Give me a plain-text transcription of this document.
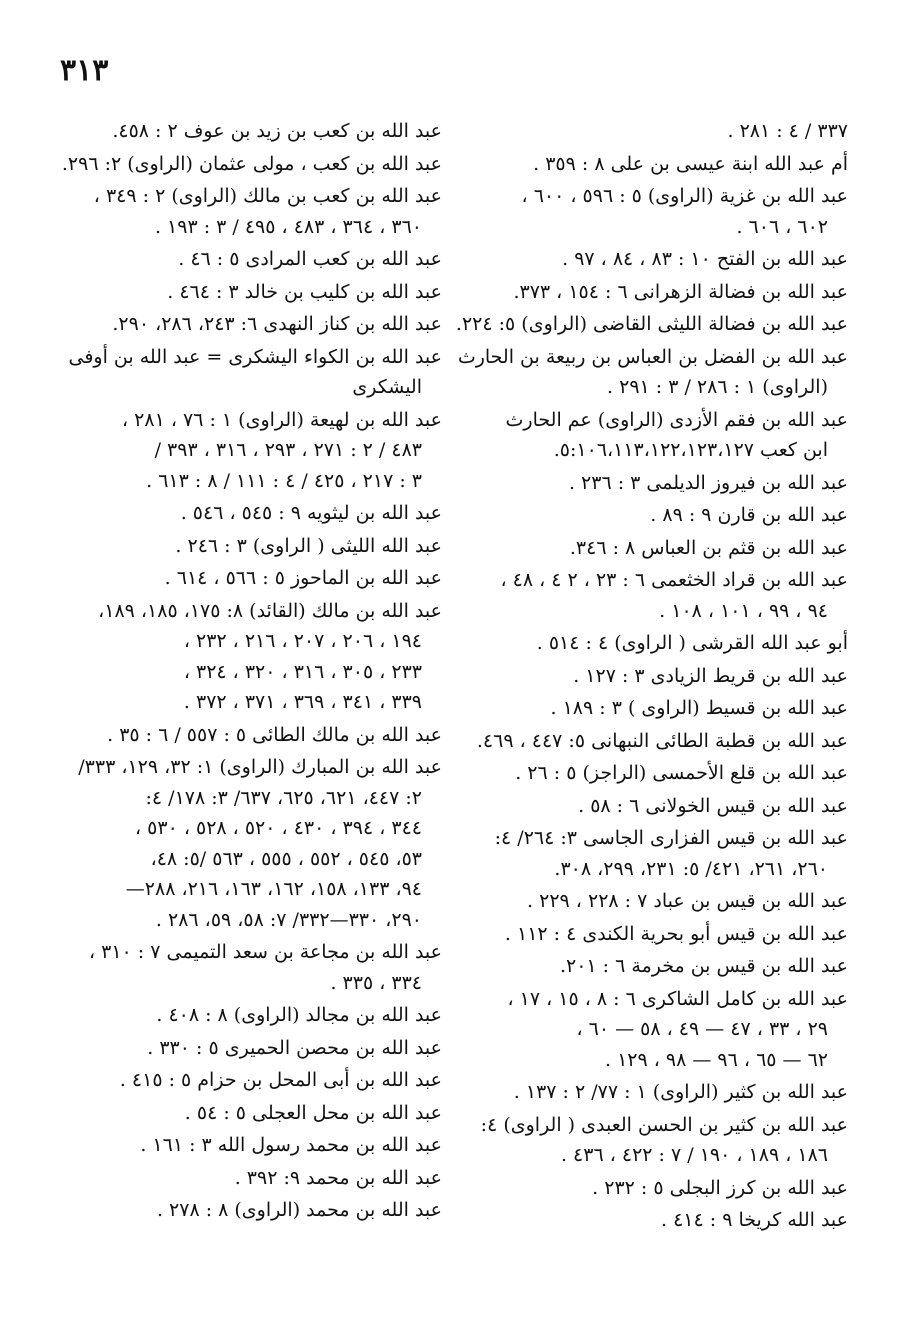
٣١٣
٣٣٧ / ٤ : ٢٨١ .
أم عبد الله ابنة عيسى بن على ٨ : ٣٥٩ .
عبد الله بن غزية (الراوى) ٥ : ٥٩٦ ، ٦٠٠ ،
٦٠٢ ، ٦٠٦ .
عبد الله بن الفتح ١٠ : ٨٣ ، ٨٤ ، ٩٧ .
عبد الله بن فضالة الزهرانى ٦ : ١٥٤ ، ٣٧٣.
عبد الله بن فضالة الليثى القاضى (الراوى) ٥: ٢٢٤.
عبد الله بن الفضل بن العباس بن ربيعة بن الحارث
(الراوى) ١ : ٢٨٦ / ٣ : ٢٩١ .
عبد الله بن فقم الأزدى (الراوى) عم الحارث
ابن كعب ٥:١٠٦،١١٣،١٢٢،١٢٣،١٢٧.
عبد الله بن فيروز الديلمى ٣ : ٢٣٦ .
عبد الله بن قارن ٩ : ٨٩ .
عبد الله بن قثم بن العباس ٨ : ٣٤٦.
عبد الله بن قراد الخثعمى ٦ : ٢٣ ، ٢ ٤ ، ٤٨ ،
٩٤ ، ٩٩ ، ١٠١ ، ١٠٨ .
أبو عبد الله القرشى ( الراوى) ٤ : ٥١٤ .
عبد الله بن قريط الزيادى ٣ : ١٢٧ .
عبد الله بن قسيط (الراوى ) ٣ : ١٨٩ .
عبد الله بن قطبة الطائى النبهانى ٥: ٤٤٧ ، ٤٦٩.
عبد الله بن قلع الأحمسى (الراجز) ٥ : ٢٦ .
عبد الله بن قيس الخولانى ٦ : ٥٨ .
عبد الله بن قيس الفزارى الجاسى ٣: ٢٦٤/ ٤:
٢٦٠، ٢٦١، ٤٢١/ ٥: ٢٣١، ٢٩٩، ٣٠٨.
عبد الله بن قيس بن عباد ٧ : ٢٢٨ ، ٢٢٩ .
عبد الله بن قيس أبو بحرية الكندى ٤ : ١١٢ .
عبد الله بن قيس بن مخرمة ٦ : ٢٠١.
عبد الله بن كامل الشاكرى ٦ : ٨ ، ١٥ ، ١٧ ،
٢٩ ، ٣٣ ، ٤٧ — ٤٩ ، ٥٨ — ٦٠ ،
٦٢ — ٦٥ ، ٩٦ — ٩٨ ، ١٢٩ .
عبد الله بن كثير (الراوى) ١ : ٧٧/ ٢ : ١٣٧ .
عبد الله بن كثير بن الحسن العبدى ( الراوى) ٤:
١٨٦ ، ١٨٩ ، ١٩٠ / ٧ : ٤٢٢ ، ٤٣٦ .
عبد الله بن كرز البجلى ٥ : ٢٣٢ .
عبد الله كريخا ٩ : ٤١٤ .
عبد الله بن كعب بن زيد بن عوف ٢ : ٤٥٨.
عبد الله بن كعب ، مولى عثمان (الراوى) ٢: ٢٩٦.
عبد الله بن كعب بن مالك (الراوى) ٢ : ٣٤٩ ،
٣٦٠ ، ٣٦٤ ، ٤٨٣ ، ٤٩٥ / ٣ : ١٩٣ .
عبد الله بن كعب المرادى ٥ : ٤٦ .
عبد الله بن كليب بن خالد ٣ : ٤٦٤ .
عبد الله بن كناز النهدى ٦: ٢٤٣، ٢٨٦، ٢٩٠.
عبد الله بن الكواء اليشكرى = عبد الله بن أوفى
اليشكرى
عبد الله بن لهيعة (الراوى) ١ : ٧٦ ، ٢٨١ ،
٤٨٣ / ٢ : ٢٧١ ، ٢٩٣ ، ٣١٦ ، ٣٩٣ /
٣ : ٢١٧ ، ٤٢٥ / ٤ : ١١١ / ٨ : ٦١٣ .
عبد الله بن ليثويه ٩ : ٥٤٥ ، ٥٤٦ .
عبد الله الليثى ( الراوى) ٣ : ٢٤٦ .
عبد الله بن الماحوز ٥ : ٥٦٦ ، ٦١٤ .
عبد الله بن مالك (القائد) ٨: ١٧٥، ١٨٥، ١٨٩،
١٩٤ ، ٢٠٦ ، ٢٠٧ ، ٢١٦ ، ٢٣٢ ،
٢٣٣ ، ٣٠٥ ، ٣١٦ ، ٣٢٠ ، ٣٢٤ ،
٣٣٩ ، ٣٤١ ، ٣٦٩ ، ٣٧١ ، ٣٧٢ .
عبد الله بن مالك الطائى ٥ : ٥٥٧ / ٦ : ٣٥ .
عبد الله بن المبارك (الراوى) ١: ٣٢، ١٢٩، ٣٣٣/
٢: ٤٤٧، ٦٢١، ٦٢٥، ٦٣٧/ ٣: ١٧٨/ ٤:
٣٤٤ ، ٣٩٤ ، ٤٣٠ ، ٥٢٠ ، ٥٢٨ ، ٥٣٠ ،
٥٣، ٥٤٥ ، ٥٥٢ ، ٥٥٥ ، ٥٦٣ /٥: ٤٨،
٩٤، ١٣٣، ١٥٨، ١٦٢، ١٦٣، ٢١٦، ٢٨٨—
٢٩٠، ٣٣٠—٣٣٢/ ٧: ٥٨، ٥٩، ٢٨٦ .
عبد الله بن مجاعة بن سعد التميمى ٧ : ٣١٠ ،
٣٣٤ ، ٣٣٥ .
عبد الله بن مجالد (الراوى) ٨ : ٤٠٨ .
عبد الله بن محصن الحميرى ٥ : ٣٣٠ .
عبد الله بن أبى المحل بن حزام ٥ : ٤١٥ .
عبد الله بن محل العجلى ٥ : ٥٤ .
عبد الله بن محمد رسول الله ٣ : ١٦١ .
عبد الله بن محمد ٩: ٣٩٢ .
عبد الله بن محمد (الراوى) ٨ : ٢٧٨ .
